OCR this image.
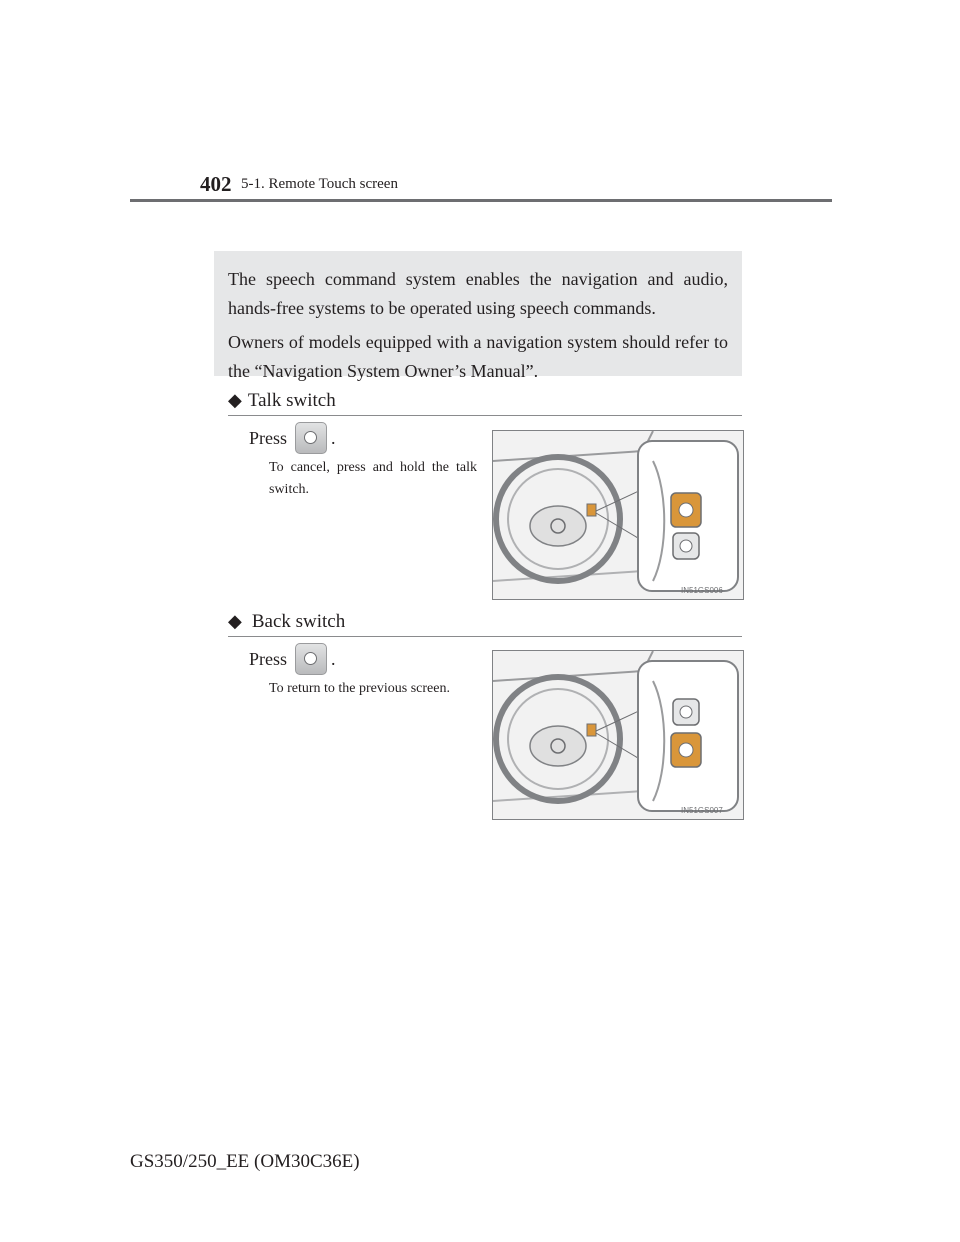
402 5-1. Remote Touch screen

The speech command system enables the navigation and audio, hands-free systems to be operated using speech commands.

Owners of models equipped with a navigation system should refer to the “Navigation System Owner’s Manual”.

◆ Talk switch
Press .
To cancel, press and hold the talk switch.
IN51GS006
◆ Back switch
Press .
To return to the previous screen.
IN51GS007
GS350/250_EE (OM30C36E)
